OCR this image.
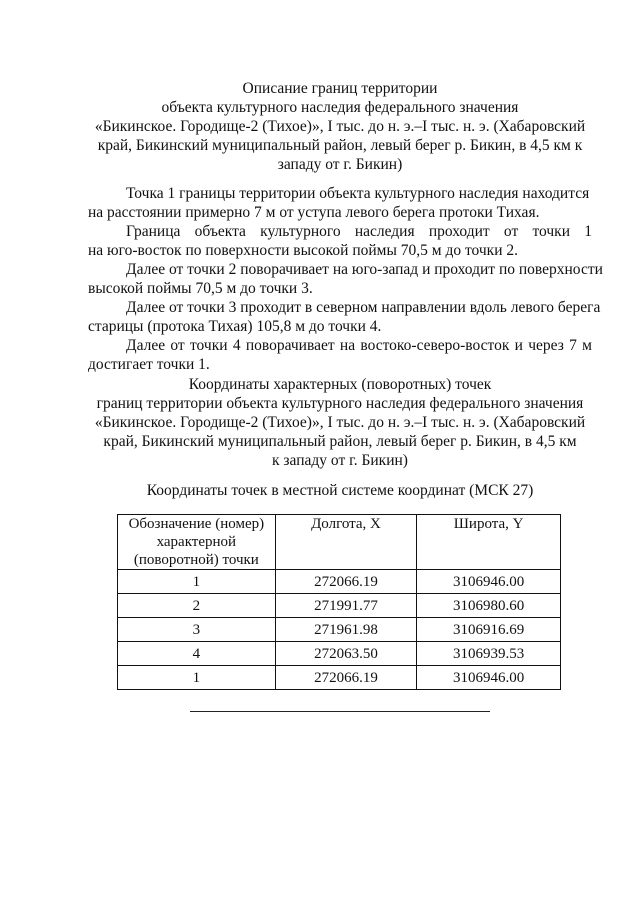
Описание границ территории
объекта культурного наследия федерального значения
«Бикинское. Городище-2 (Тихое)», I тыс. до н. э.–I тыс. н. э. (Хабаровский
край, Бикинский муниципальный район, левый берег р. Бикин, в 4,5 км к
западу от г. Бикин)
Точка 1 границы территории объекта культурного наследия находится
на расстоянии примерно 7 м от уступа левого берега протоки Тихая.
Граница объекта культурного наследия проходит от точки 1
на юго-восток по поверхности высокой поймы 70,5 м до точки 2.
Далее от точки 2 поворачивает на юго-запад и проходит по поверхности
высокой поймы 70,5 м до точки 3.
Далее от точки 3 проходит в северном направлении вдоль левого берега
старицы (протока Тихая) 105,8 м до точки 4.
Далее от точки 4 поворачивает на востоко-северо-восток и через 7 м
достигает точки 1.
Координаты характерных (поворотных) точек
границ территории объекта культурного наследия федерального значения
«Бикинское. Городище-2 (Тихое)», I тыс. до н. э.–I тыс. н. э. (Хабаровский
край, Бикинский муниципальный район, левый берег р. Бикин, в 4,5 км
к западу от г. Бикин)
Координаты точек в местной системе координат (МСК 27)
Обозначение (номер) характерной (поворотной) точки	Долгота, X	Широта, Y
1	272066.19	3106946.00
2	271991.77	3106980.60
3	271961.98	3106916.69
4	272063.50	3106939.53
1	272066.19	3106946.00
